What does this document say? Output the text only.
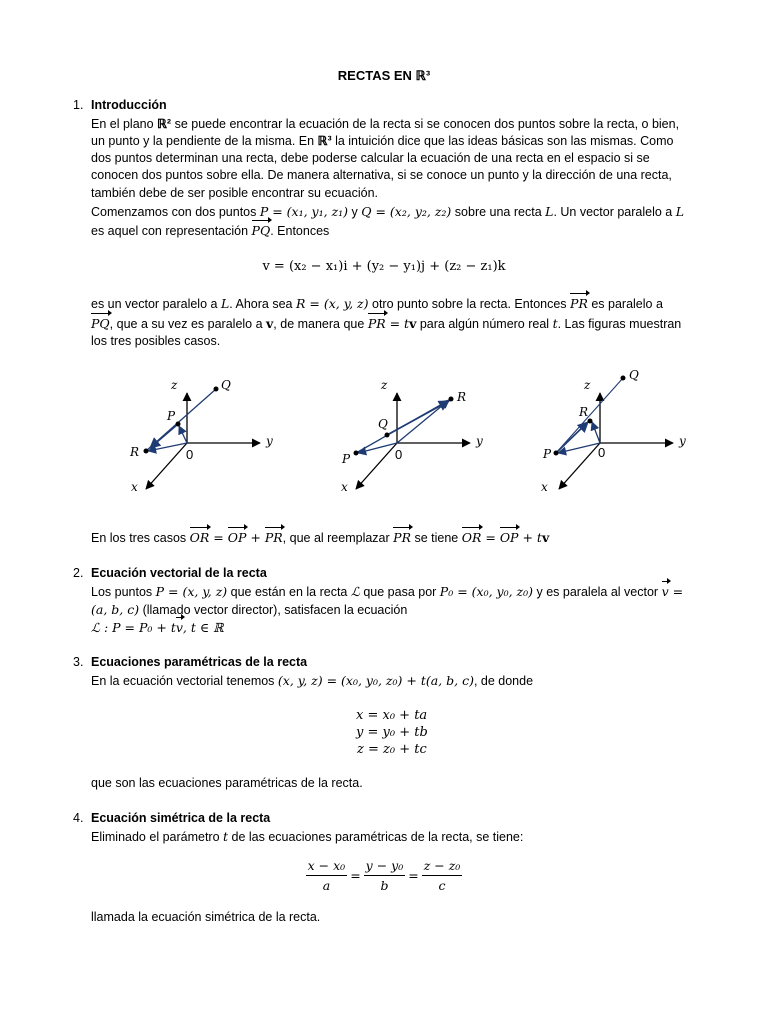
RECTAS EN ℝ³
1. Introducción
En el plano ℝ² se puede encontrar la ecuación de la recta si se conocen dos puntos sobre la recta, o bien,
un punto y la pendiente de la misma. En ℝ³ la intuición dice que las ideas básicas son las mismas. Como
dos puntos determinan una recta, debe poderse calcular la ecuación de una recta en el espacio si se
conocen dos puntos sobre ella. De manera alternativa, si se conoce un punto y la dirección de una recta,
también debe de ser posible encontrar su ecuación.
Comenzamos con dos puntos P = (x₁, y₁, z₁) y Q = (x₂, y₂, z₂) sobre una recta L. Un vector paralelo a L
es aquel con representación PQ. Entonces
v = (x₂ − x₁)i + (y₂ − y₁)j + (z₂ − z₁)k
es un vector paralelo a L. Ahora sea R = (x, y, z) otro punto sobre la recta. Entonces PR es paralelo a
PQ, que a su vez es paralelo a v, de manera que PR = tv para algún número real t. Las figuras muestran
los tres posibles casos.
z
y
x
0
Q
P
R
z
y
x
0
R
Q
P
z
y
x
0
Q
R
P
En los tres casos OR = OP + PR, que al reemplazar PR se tiene OR = OP + tv
2. Ecuación vectorial de la recta
Los puntos P = (x, y, z) que están en la recta ℒ que pasa por P₀ = (x₀, y₀, z₀) y es paralela al vector v =
(a, b, c) (llamado vector director), satisfacen la ecuación
ℒ : P = P₀ + tv, t ∈ ℝ
3. Ecuaciones paramétricas de la recta
En la ecuación vectorial tenemos (x, y, z) = (x₀, y₀, z₀) + t(a, b, c), de donde
x = x₀ + ta
y = y₀ + tb
z = z₀ + tc
que son las ecuaciones paramétricas de la recta.
4. Ecuación simétrica de la recta
Eliminado el parámetro t de las ecuaciones paramétricas de la recta, se tiene:
$\frac{\text{x − x₀}}{a} = \frac{\text{y − y₀}}{b} = \frac{\text{z − z₀}}{c}$
llamada la ecuación simétrica de la recta.
